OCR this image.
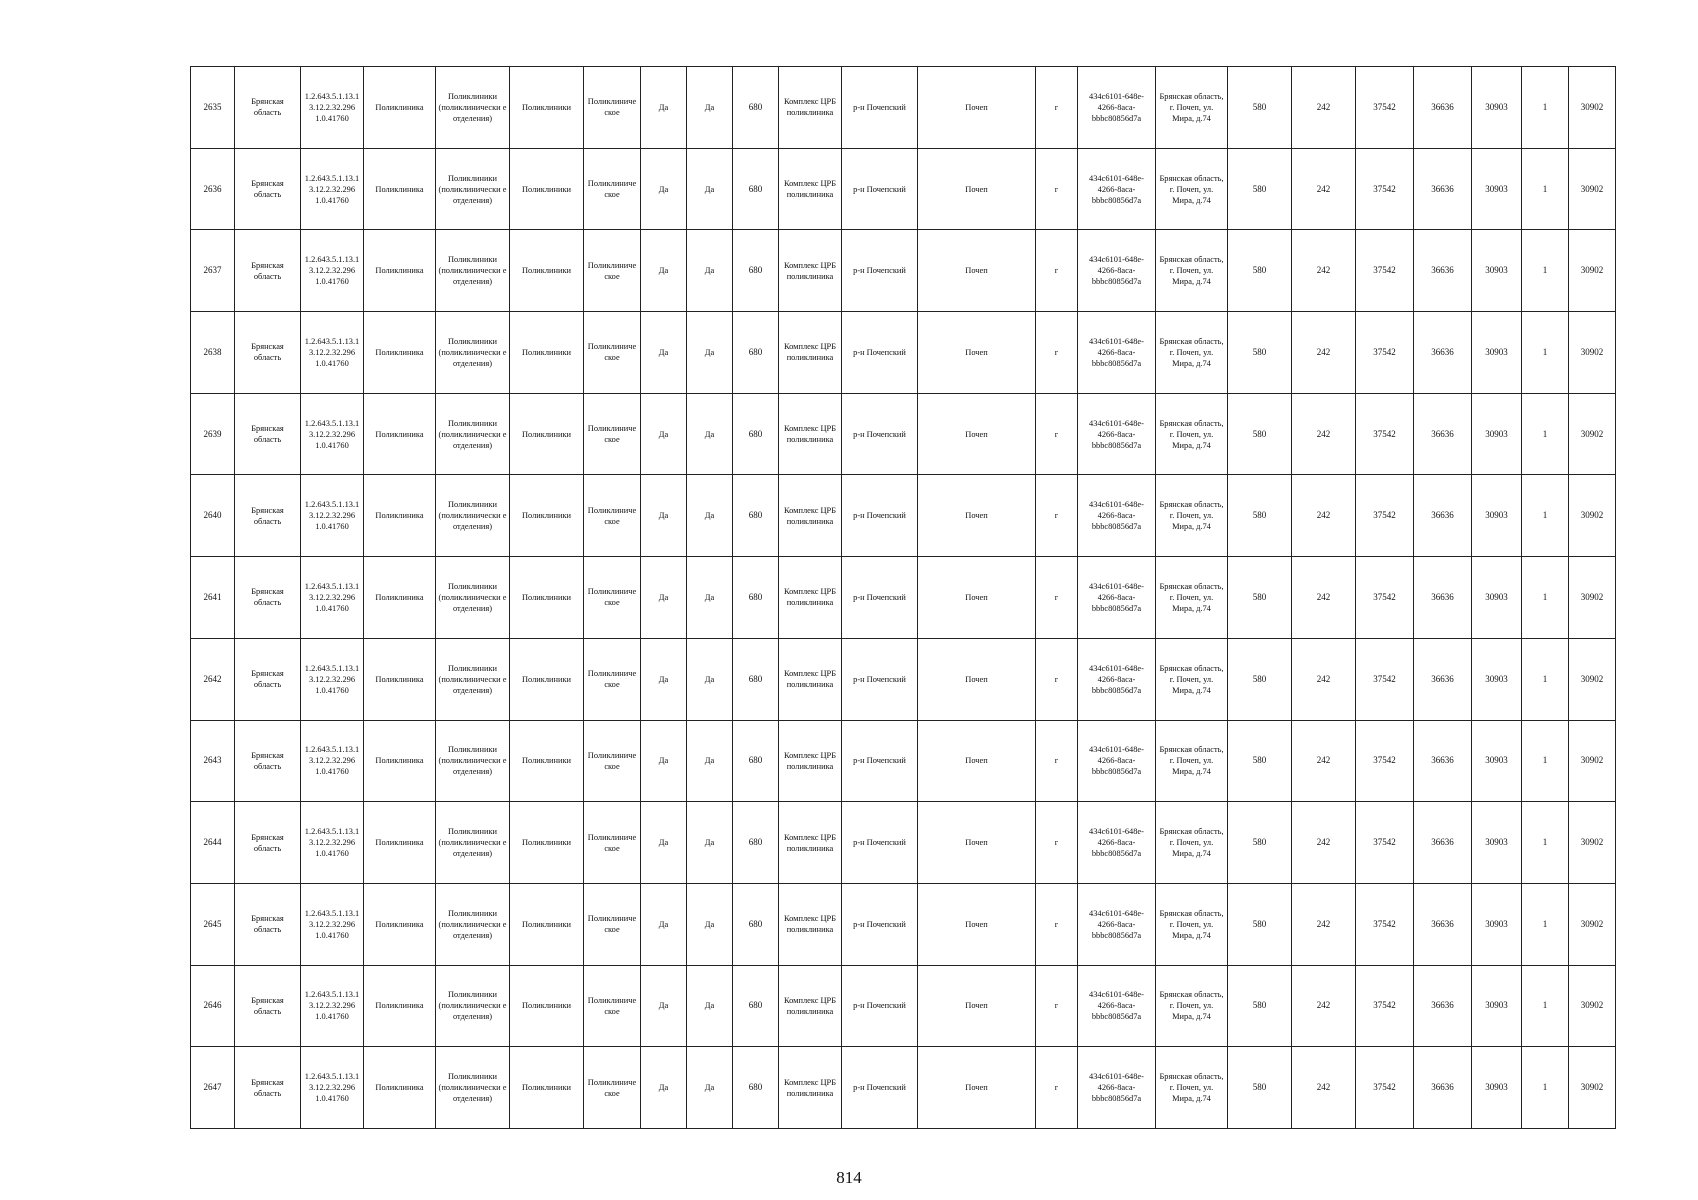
2635	Брянская область	1.2.643.5.1.13.13.12.2.32.296 1.0.41760	Поликлиника	Поликлиники (поликлинически е отделения)	Поликлиники	Поликлиниче ское	Да	Да	680	Комплекс ЦРБ поликлиника	р-н Почепский	Почеп	г	434c6101-648e-4266-8aca-bbbc80856d7a	Брянская область, г. Почеп, ул. Мира, д.74	580	242	37542	36636	30903	1	30902
2636	Брянская область	1.2.643.5.1.13.13.12.2.32.296 1.0.41760	Поликлиника	Поликлиники (поликлинически е отделения)	Поликлиники	Поликлиниче ское	Да	Да	680	Комплекс ЦРБ поликлиника	р-н Почепский	Почеп	г	434c6101-648e-4266-8aca-bbbc80856d7a	Брянская область, г. Почеп, ул. Мира, д.74	580	242	37542	36636	30903	1	30902
2637	Брянская область	1.2.643.5.1.13.13.12.2.32.296 1.0.41760	Поликлиника	Поликлиники (поликлинически е отделения)	Поликлиники	Поликлиниче ское	Да	Да	680	Комплекс ЦРБ поликлиника	р-н Почепский	Почеп	г	434c6101-648e-4266-8aca-bbbc80856d7a	Брянская область, г. Почеп, ул. Мира, д.74	580	242	37542	36636	30903	1	30902
2638	Брянская область	1.2.643.5.1.13.13.12.2.32.296 1.0.41760	Поликлиника	Поликлиники (поликлинически е отделения)	Поликлиники	Поликлиниче ское	Да	Да	680	Комплекс ЦРБ поликлиника	р-н Почепский	Почеп	г	434c6101-648e-4266-8aca-bbbc80856d7a	Брянская область, г. Почеп, ул. Мира, д.74	580	242	37542	36636	30903	1	30902
2639	Брянская область	1.2.643.5.1.13.13.12.2.32.296 1.0.41760	Поликлиника	Поликлиники (поликлинически е отделения)	Поликлиники	Поликлиниче ское	Да	Да	680	Комплекс ЦРБ поликлиника	р-н Почепский	Почеп	г	434c6101-648e-4266-8aca-bbbc80856d7a	Брянская область, г. Почеп, ул. Мира, д.74	580	242	37542	36636	30903	1	30902
2640	Брянская область	1.2.643.5.1.13.13.12.2.32.296 1.0.41760	Поликлиника	Поликлиники (поликлинически е отделения)	Поликлиники	Поликлиниче ское	Да	Да	680	Комплекс ЦРБ поликлиника	р-н Почепский	Почеп	г	434c6101-648e-4266-8aca-bbbc80856d7a	Брянская область, г. Почеп, ул. Мира, д.74	580	242	37542	36636	30903	1	30902
2641	Брянская область	1.2.643.5.1.13.13.12.2.32.296 1.0.41760	Поликлиника	Поликлиники (поликлинически е отделения)	Поликлиники	Поликлиниче ское	Да	Да	680	Комплекс ЦРБ поликлиника	р-н Почепский	Почеп	г	434c6101-648e-4266-8aca-bbbc80856d7a	Брянская область, г. Почеп, ул. Мира, д.74	580	242	37542	36636	30903	1	30902
2642	Брянская область	1.2.643.5.1.13.13.12.2.32.296 1.0.41760	Поликлиника	Поликлиники (поликлинически е отделения)	Поликлиники	Поликлиниче ское	Да	Да	680	Комплекс ЦРБ поликлиника	р-н Почепский	Почеп	г	434c6101-648e-4266-8aca-bbbc80856d7a	Брянская область, г. Почеп, ул. Мира, д.74	580	242	37542	36636	30903	1	30902
2643	Брянская область	1.2.643.5.1.13.13.12.2.32.296 1.0.41760	Поликлиника	Поликлиники (поликлинически е отделения)	Поликлиники	Поликлиниче ское	Да	Да	680	Комплекс ЦРБ поликлиника	р-н Почепский	Почеп	г	434c6101-648e-4266-8aca-bbbc80856d7a	Брянская область, г. Почеп, ул. Мира, д.74	580	242	37542	36636	30903	1	30902
2644	Брянская область	1.2.643.5.1.13.13.12.2.32.296 1.0.41760	Поликлиника	Поликлиники (поликлинически е отделения)	Поликлиники	Поликлиниче ское	Да	Да	680	Комплекс ЦРБ поликлиника	р-н Почепский	Почеп	г	434c6101-648e-4266-8aca-bbbc80856d7a	Брянская область, г. Почеп, ул. Мира, д.74	580	242	37542	36636	30903	1	30902
2645	Брянская область	1.2.643.5.1.13.13.12.2.32.296 1.0.41760	Поликлиника	Поликлиники (поликлинически е отделения)	Поликлиники	Поликлиниче ское	Да	Да	680	Комплекс ЦРБ поликлиника	р-н Почепский	Почеп	г	434c6101-648e-4266-8aca-bbbc80856d7a	Брянская область, г. Почеп, ул. Мира, д.74	580	242	37542	36636	30903	1	30902
2646	Брянская область	1.2.643.5.1.13.13.12.2.32.296 1.0.41760	Поликлиника	Поликлиники (поликлинически е отделения)	Поликлиники	Поликлиниче ское	Да	Да	680	Комплекс ЦРБ поликлиника	р-н Почепский	Почеп	г	434c6101-648e-4266-8aca-bbbc80856d7a	Брянская область, г. Почеп, ул. Мира, д.74	580	242	37542	36636	30903	1	30902
2647	Брянская область	1.2.643.5.1.13.13.12.2.32.296 1.0.41760	Поликлиника	Поликлиники (поликлинически е отделения)	Поликлиники	Поликлиниче ское	Да	Да	680	Комплекс ЦРБ поликлиника	р-н Почепский	Почеп	г	434c6101-648e-4266-8aca-bbbc80856d7a	Брянская область, г. Почеп, ул. Мира, д.74	580	242	37542	36636	30903	1	30902
814
